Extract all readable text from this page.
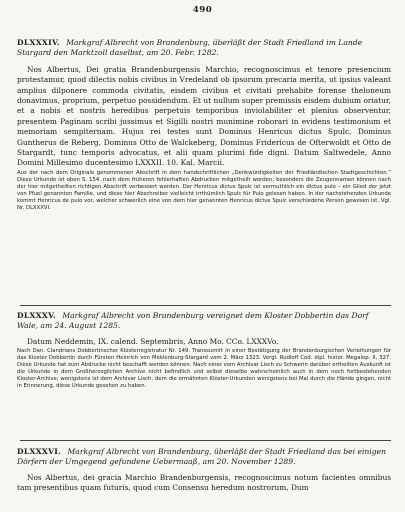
490

DLXXXIV. Markgraf Albrecht von Brandenburg, überläßt der Stadt Friedland im Lande Stargard den Marktzoll daselbst, am 20. Febr. 1282.

Nos Albertus, Dei gratia Brandenburgensis Marchio, recognoscimus et tenore presencium protestamur, quod dilectis nobis civibus in Vredeland ob ipsorum precaria merita, ut ipsius valeant amplius dilponere commoda civitatis, eisdem civibus et civitati prehabite forense theloneum donavimus, proprium, perpetuo possidendum. Et ut nullum super premissis eisdem dubium oriatur, et a nobis et nostris heredibus perpetuis temporibus inviolabiliter et plenius observentur, presentem Paginam scribi jussimus et Sigilli nostri munimine roborari in evidens testimonium et memoriam sempiternam. Hujus rei testes sunt Dominus Henricus dictus Spulc, Dominus Guntherus de Reberg, Dominus Otto de Walckeberg, Dominus Fridericus de Ofterwoldt et Otto de Stargardt, tunc temporis advocatus, et alii quam plurimi fide digni. Datum Saltwedele, Anno Domini Millesimo ducentesimo LXXXII. 10. Kal. Marcii.

Aus der nach dem Originale genommenen Abschrift in dem handschriftlichen „Denkwürdigkeiten der Friedländischen Stadtgeschichten.“ Diese Urkunde ist oben S. 154. nach dem früheren fehlerhaften Abdrucken mitgetheilt worden; besonders die Zeugennamen können nach der hier mitgetheilten richtigen Abschrift verbessert werden. Der Henricus dictus Spulc ist vermuthlich ein dictus pulo – ein Glied der jetzt von Pfuel genannten Familie, und diese hier Abschreiber vielleicht irrthümlich Spulc für Pulo gelesen haben. In der nachstehenden Urkunde kommt Henricus de pulo vor, welcher schwerlich eine von dem hier genannten Henricus dictus Spulc verschiedene Person gewesen ist. Vgl. Nr. DLXXXVI.

DLXXXV. Markgraf Albrecht von Brandenburg vereignet dem Kloster Dobbertin das Dorf Wale, am 24. August 1285.

Datum Neddemin, IX. calend. Septembris, Anno Mo. CCo. LXXXVo.

Nach Dan. Clandrians Dobbertinscher Klosterregistratur Nr. 149. Transsumirt in einer Bestätigung der Brandenburgischen Verleihungen für das Kloster Dobbertin durch Fürsten Heinrich von Meklenburg-Stargard vom 2. März 1323. Vergl. Rudloff Cod. dipl. histor. Megalop. II, 327. Diese Urkunde hat zum Abdrucke nicht beschafft werden können. Nach einer vom Archivar Lisch zu Schwerin darüber ertheilten Auskunft ist die Urkunde in dem Großherzoglichen Archive nicht befindlich und selbst dieselbe wahrscheinlich auch in dem noch fortbestehenden Kloster-Archive; wenigstens ist dem Archivar Lisch, dem die ermähnten Kloster-Urkunden wenigstens bei Mal durch die Hände gingen, nicht in Erinnerung, diese Urkunde gesehen zu haben.

DLXXXVI. Markgraf Albrecht von Brandenburg, überläßt der Stadt Friedland das bei einigen Dörfern der Umgegend gefundene Uebermaaß, am 20. November 1289.

Nos Albertus, dei gracia Marchio Brandenburgensis, recognoscimus notum facientes omnibus tam presentibus quam futuris, quod cum Consensu heredum nostrorum, Dum
